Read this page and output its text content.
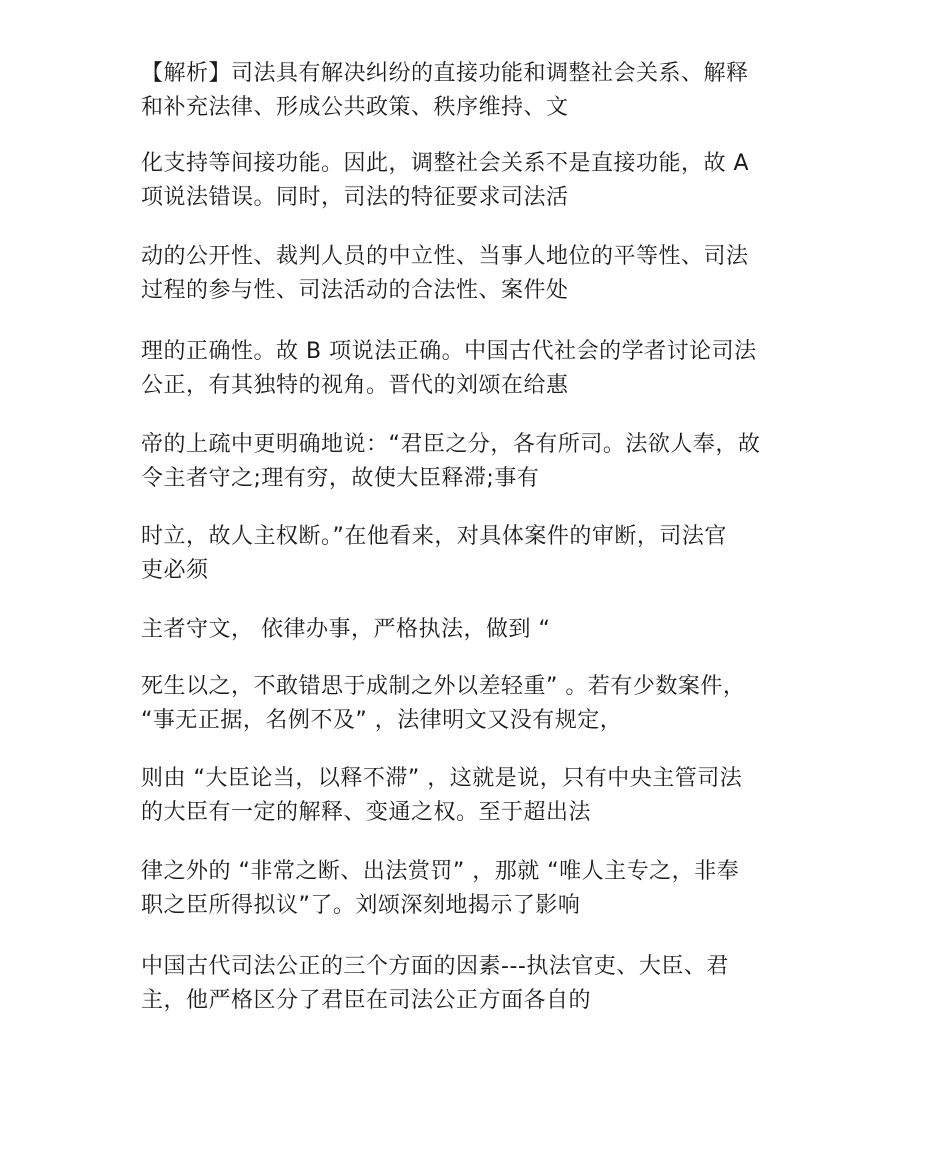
【解析】司法具有解决纠纷的直接功能和调整社会关系、解释
和补充法律、形成公共政策、秩序维持、文
化支持等间接功能。因此，调整社会关系不是直接功能，故 A
项说法错误。同时，司法的特征要求司法活
动的公开性、裁判人员的中立性、当事人地位的平等性、司法
过程的参与性、司法活动的合法性、案件处
理的正确性。故 B 项说法正确。中国古代社会的学者讨论司法
公正，有其独特的视角。晋代的刘颂在给惠
帝的上疏中更明确地说：“君臣之分，各有所司。法欲人奉，故
令主者守之;理有穷，故使大臣释滞;事有
时立，故人主权断。”在他看来，对具体案件的审断，司法官
吏必须
主者守文， 依律办事，严格执法，做到 “
死生以之，不敢错思于成制之外以差轻重” 。若有少数案件，
“事无正据，名例不及” ，法律明文又没有规定，
则由 “大臣论当，以释不滞” ，这就是说，只有中央主管司法
的大臣有一定的解释、变通之权。至于超出法
律之外的 “非常之断、出法赏罚” ，那就 “唯人主专之，非奉
职之臣所得拟议”了。刘颂深刻地揭示了影响
中国古代司法公正的三个方面的因素---执法官吏、大臣、君
主，他严格区分了君臣在司法公正方面各自的
